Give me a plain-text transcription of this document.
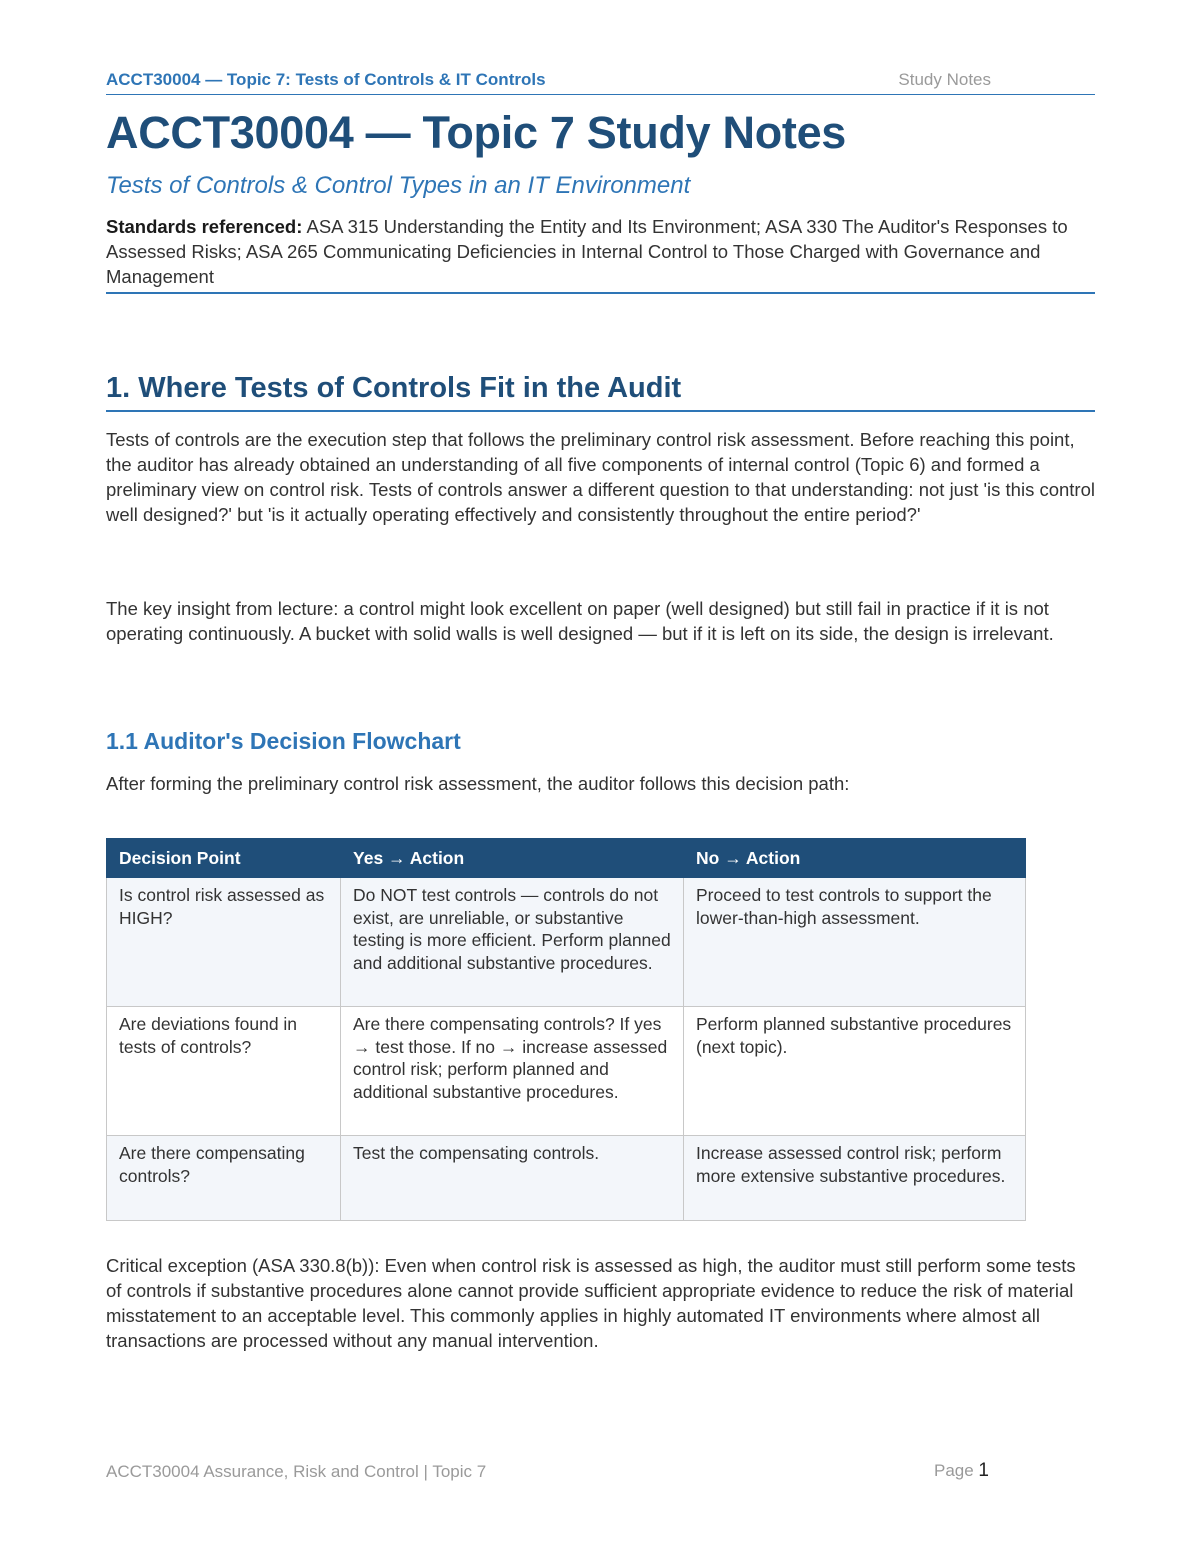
ACCT30004 — Topic 7: Tests of Controls & IT Controls	Study Notes
ACCT30004 — Topic 7 Study Notes
Tests of Controls & Control Types in an IT Environment
Standards referenced: ASA 315 Understanding the Entity and Its Environment; ASA 330 The Auditor's Responses to Assessed Risks; ASA 265 Communicating Deficiencies in Internal Control to Those Charged with Governance and Management
1. Where Tests of Controls Fit in the Audit

Tests of controls are the execution step that follows the preliminary control risk assessment. Before reaching this point, the auditor has already obtained an understanding of all five components of internal control (Topic 6) and formed a preliminary view on control risk. Tests of controls answer a different question to that understanding: not just 'is this control well designed?' but 'is it actually operating effectively and consistently throughout the entire period?'

The key insight from lecture: a control might look excellent on paper (well designed) but still fail in practice if it is not operating continuously. A bucket with solid walls is well designed — but if it is left on its side, the design is irrelevant.

1.1 Auditor's Decision Flowchart

After forming the preliminary control risk assessment, the auditor follows this decision path:

Decision Point	Yes → Action	No → Action
Is control risk assessed as HIGH?	Do NOT test controls — controls do not exist, are unreliable, or substantive testing is more efficient. Perform planned and additional substantive procedures.	Proceed to test controls to support the lower-than-high assessment.
Are deviations found in tests of controls?	Are there compensating controls? If yes → test those. If no → increase assessed control risk; perform planned and additional substantive procedures.	Perform planned substantive procedures (next topic).
Are there compensating controls?	Test the compensating controls.	Increase assessed control risk; perform more extensive substantive procedures.

Critical exception (ASA 330.8(b)): Even when control risk is assessed as high, the auditor must still perform some tests of controls if substantive procedures alone cannot provide sufficient appropriate evidence to reduce the risk of material misstatement to an acceptable level. This commonly applies in highly automated IT environments where almost all transactions are processed without any manual intervention.

ACCT30004 Assurance, Risk and Control | Topic 7	Page 1
